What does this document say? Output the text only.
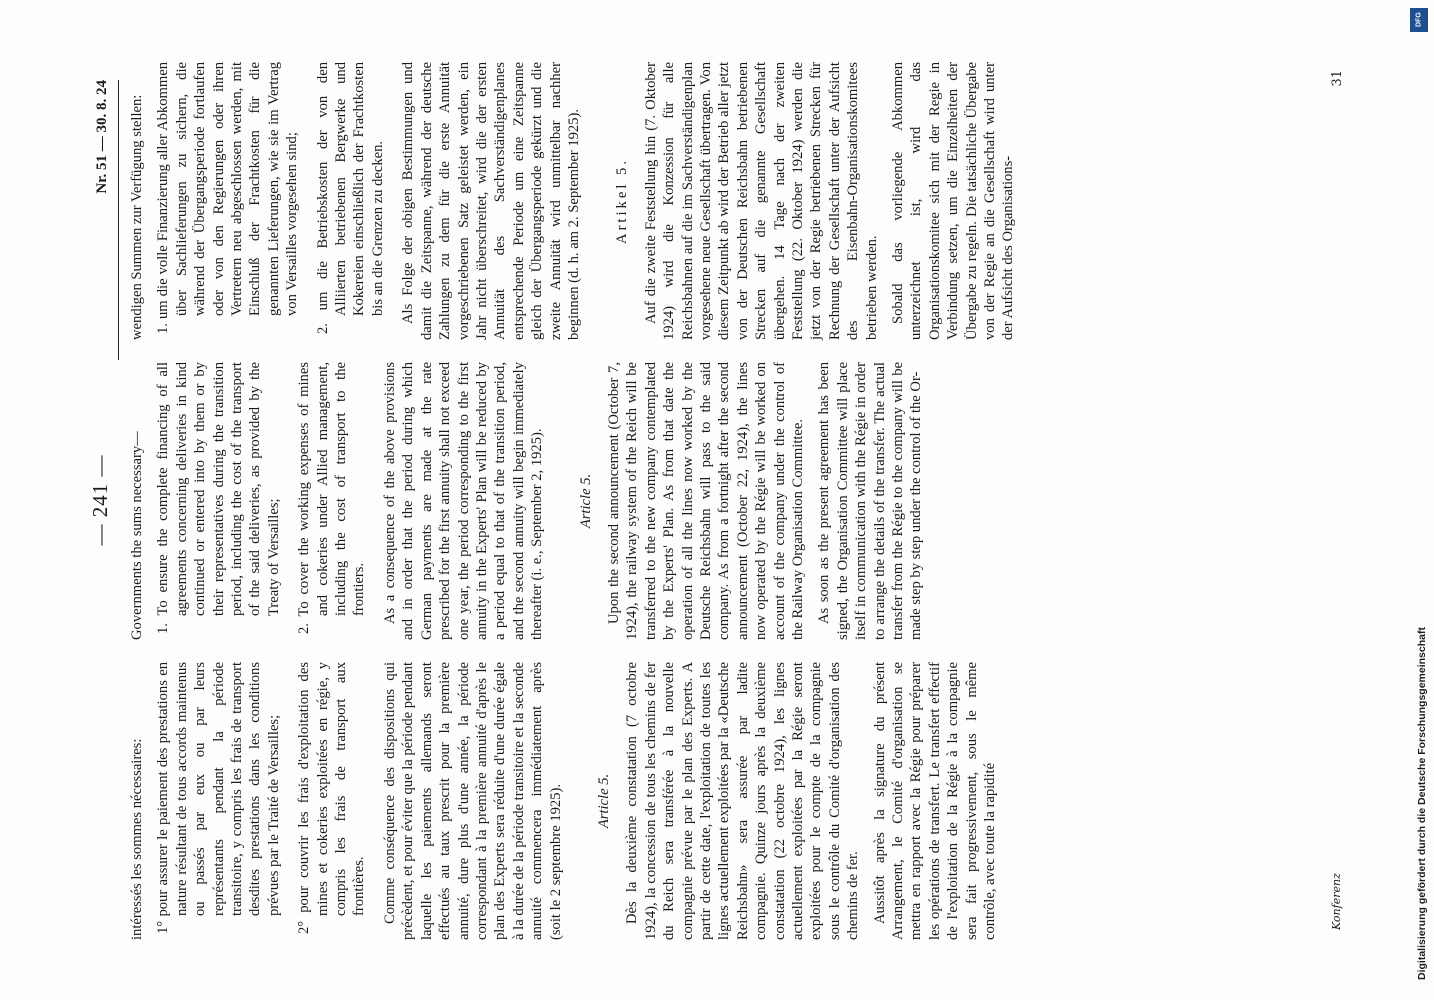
— 241 —
Nr. 51 — 30. 8. 24

intéressés les sommes nécessaires: 1° pour assurer le paiement des prestations en nature résultant de tous accords maintenus ou passés par eux ou par leurs représentants pendant la période transitoire, y compris les frais de transport desdites prestations dans les conditions prévues par le Traité de Versailles; 2° pour couvrir les frais d'exploitation des mines et cokeries exploitées en régie, y compris les frais de transport aux frontières. Comme conséquence des dispositions qui précèdent, et pour éviter que la période pendant laquelle les paiements allemands seront effectués au taux prescrit pour la première annuité, dure plus d'une année, la période correspondant à la première annuité d'après le plan des Experts sera réduite d'une durée égale à la durée de la période transitoire et la seconde annuité commencera immédiatement après (soit le 2 septembre 1925). Article 5. Dès la deuxième constatation (7 octobre 1924), la concession de tous les chemins de fer du Reich sera transférée à la nouvelle compagnie prévue par le plan des Experts. A partir de cette date, l'exploitation de toutes les lignes actuellement exploitées par la «Deutsche Reichsbahn» sera assurée par ladite compagnie. Quinze jours après la deuxième constatation (22 octobre 1924), les lignes actuellement exploitées par la Régie seront exploitées pour le compte de la compagnie sous le contrôle du Comité d'organisation des chemins de fer. Aussitôt après la signature du présent Arrangement, le Comité d'organisation se mettra en rapport avec la Régie pour préparer les opérations de transfert. Le transfert effectif de l'exploitation de la Régie à la compagnie sera fait progressivement, sous le même contrôle, avec toute la rapidité

Governments the sums necessary— 1. To ensure the complete financing of all agreements concerning deliveries in kind continued or entered into by them or by their representatives during the transition period, including the cost of the transport of the said deliveries, as provided by the Treaty of Versailles; 2. To cover the working expenses of mines and cokeries under Allied management, including the cost of transport to the frontiers. As a consequence of the above provisions and in order that the period during which German payments are made at the rate prescribed for the first annuity shall not exceed one year, the period corresponding to the first annuity in the Experts' Plan will be reduced by a period equal to that of the transition period, and the second annuity will begin immediately thereafter (i. e., September 2, 1925). Article 5. Upon the second announcement (October 7, 1924), the railway system of the Reich will be transferred to the new company contemplated by the Experts' Plan. As from that date the operation of all the lines now worked by the Deutsche Reichsbahn will pass to the said company. As from a fortnight after the second announcement (October 22, 1924), the lines now operated by the Régie will be worked on account of the company under the control of the Railway Organisation Committee. As soon as the present agreement has been signed, the Organisation Committee will place itself in communication with the Régie in order to arrange the details of the transfer. The actual transfer from the Régie to the company will be made step by step under the control of the Or-

wendigen Summen zur Verfügung stellen: 1. um die volle Finanzierung aller Abkommen über Sachlieferungen zu sichern, die während der Übergangsperiode fortlaufen oder von den Regierungen oder ihren Vertretern neu abgeschlossen werden, mit Einschluß der Frachtkosten für die genannten Lieferungen, wie sie im Vertrag von Versailles vorgesehen sind; 2. um die Betriebskosten der von den Alliierten betriebenen Bergwerke und Kokereien einschließlich der Frachtkosten bis an die Grenzen zu decken. Als Folge der obigen Bestimmungen und damit die Zeitspanne, während der deutsche Zahlungen zu dem für die erste Annuität vorgeschriebenen Satz geleistet werden, ein Jahr nicht überschreitet, wird die der ersten Annuität des Sachverständigenplanes entsprechende Periode um eine Zeitspanne gleich der Übergangsperiode gekürzt und die zweite Annuität wird unmittelbar nachher beginnen (d. h. am 2. September 1925). Artikel 5. Auf die zweite Feststellung hin (7. Oktober 1924) wird die Konzession für alle Reichsbahnen auf die im Sachverständigenplan vorgesehene neue Gesellschaft übertragen. Von diesem Zeitpunkt ab wird der Betrieb aller jetzt von der Deutschen Reichsbahn betriebenen Strecken auf die genannte Gesellschaft übergehen. 14 Tage nach der zweiten Feststellung (22. Oktober 1924) werden die jetzt von der Regie betriebenen Strecken für Rechnung der Gesellschaft unter der Aufsicht des Eisenbahn-Organisationskomitees betrieben werden. Sobald das vorliegende Abkommen unterzeichnet ist, wird das Organisationskomitee sich mit der Regie in Verbindung setzen, um die Einzelheiten der Übergabe zu regeln. Die tatsächliche Übergabe von der Regie an die Gesellschaft wird unter der Aufsicht des Organisations-

Konferenz
31
DFG
Digitalisierung gefördert durch die Deutsche Forschungsgemeinschaft
